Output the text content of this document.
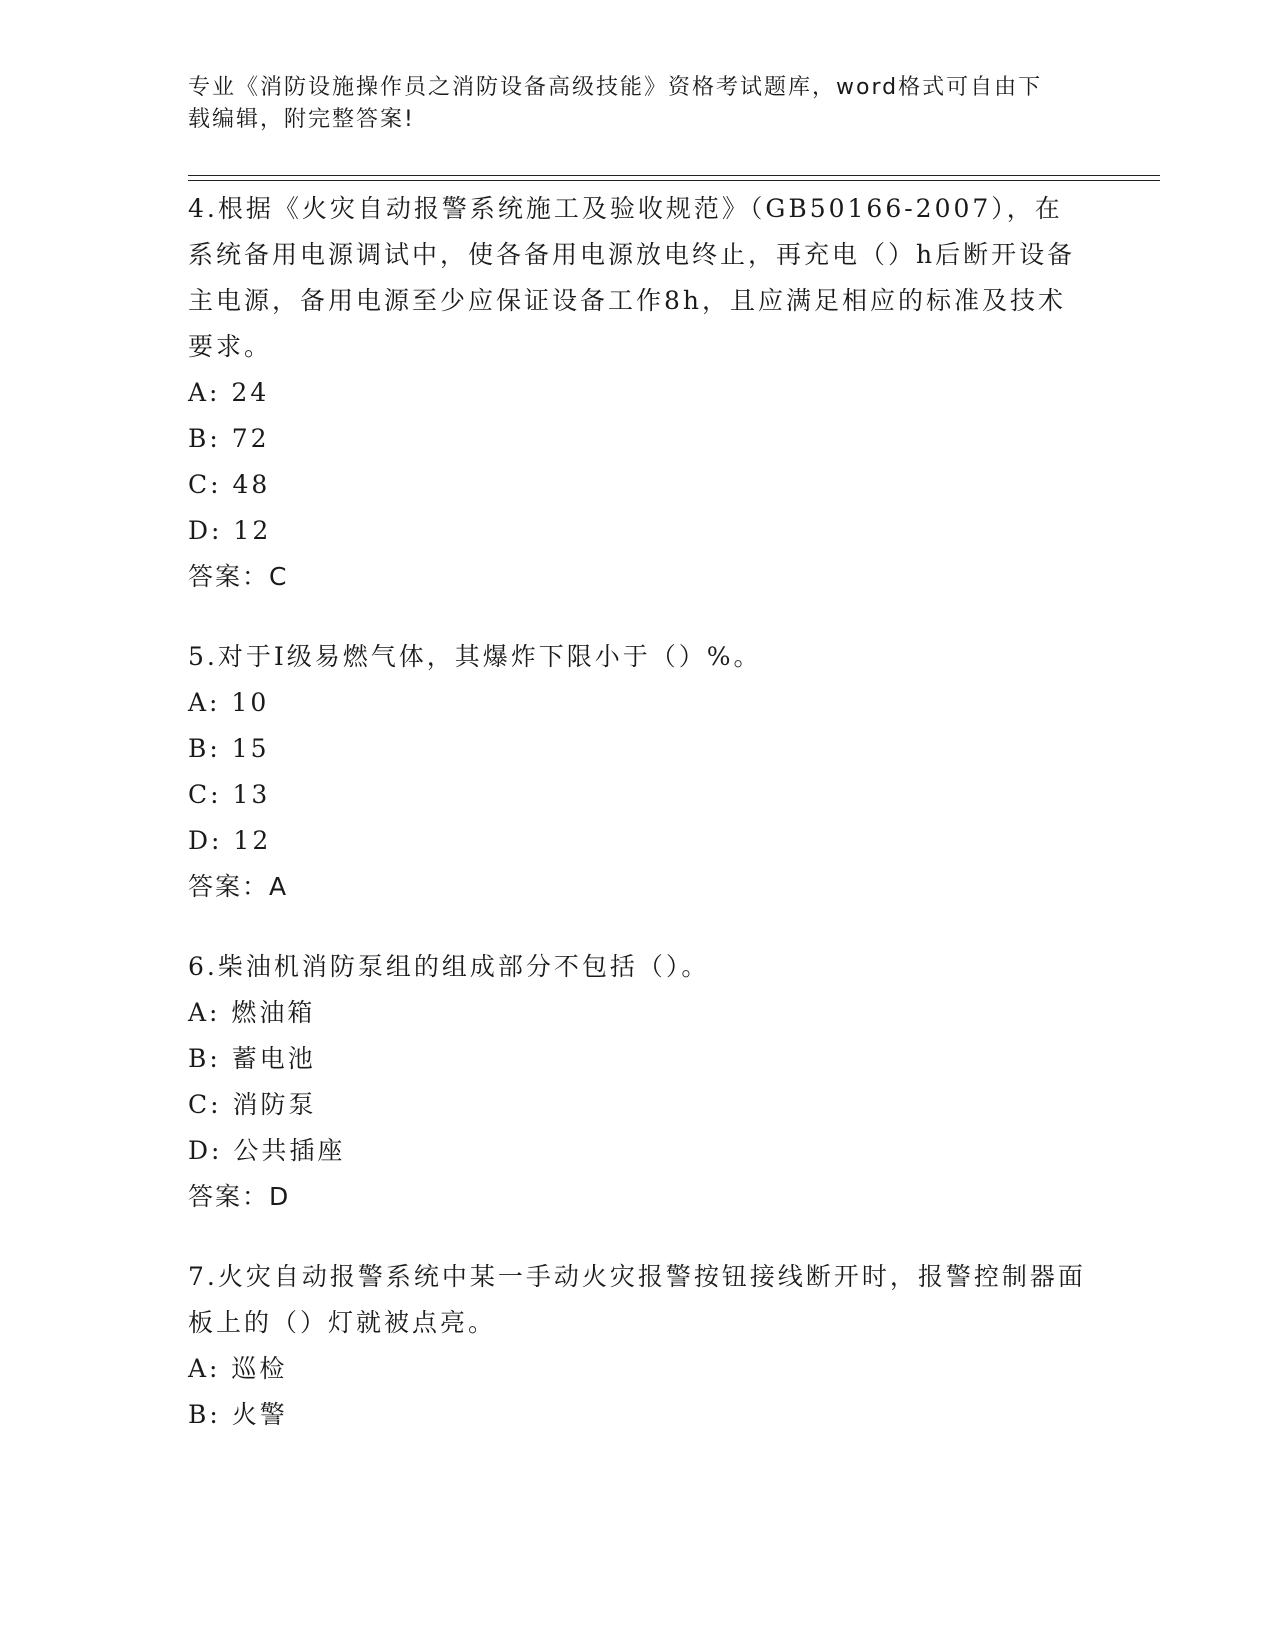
专业《消防设施操作员之消防设备高级技能》资格考试题库，word格式可自由下
载编辑，附完整答案!

4.根据《火灾自动报警系统施工及验收规范》（GB50166-2007），在系统备用电源调试中，使各备用电源放电终止，再充电（）h后断开设备主电源，备用电源至少应保证设备工作8h，且应满足相应的标准及技术要求。

A: 24

B: 72

C: 48

D: 12

答案：C

5.对于Ⅰ级易燃气体，其爆炸下限小于（）%。

A: 10

B: 15

C: 13

D: 12

答案：A

6.柴油机消防泵组的组成部分不包括（）。

A: 燃油箱

B: 蓄电池

C: 消防泵

D: 公共插座

答案：D

7.火灾自动报警系统中某一手动火灾报警按钮接线断开时，报警控制器面板上的（）灯就被点亮。

A: 巡检

B: 火警
